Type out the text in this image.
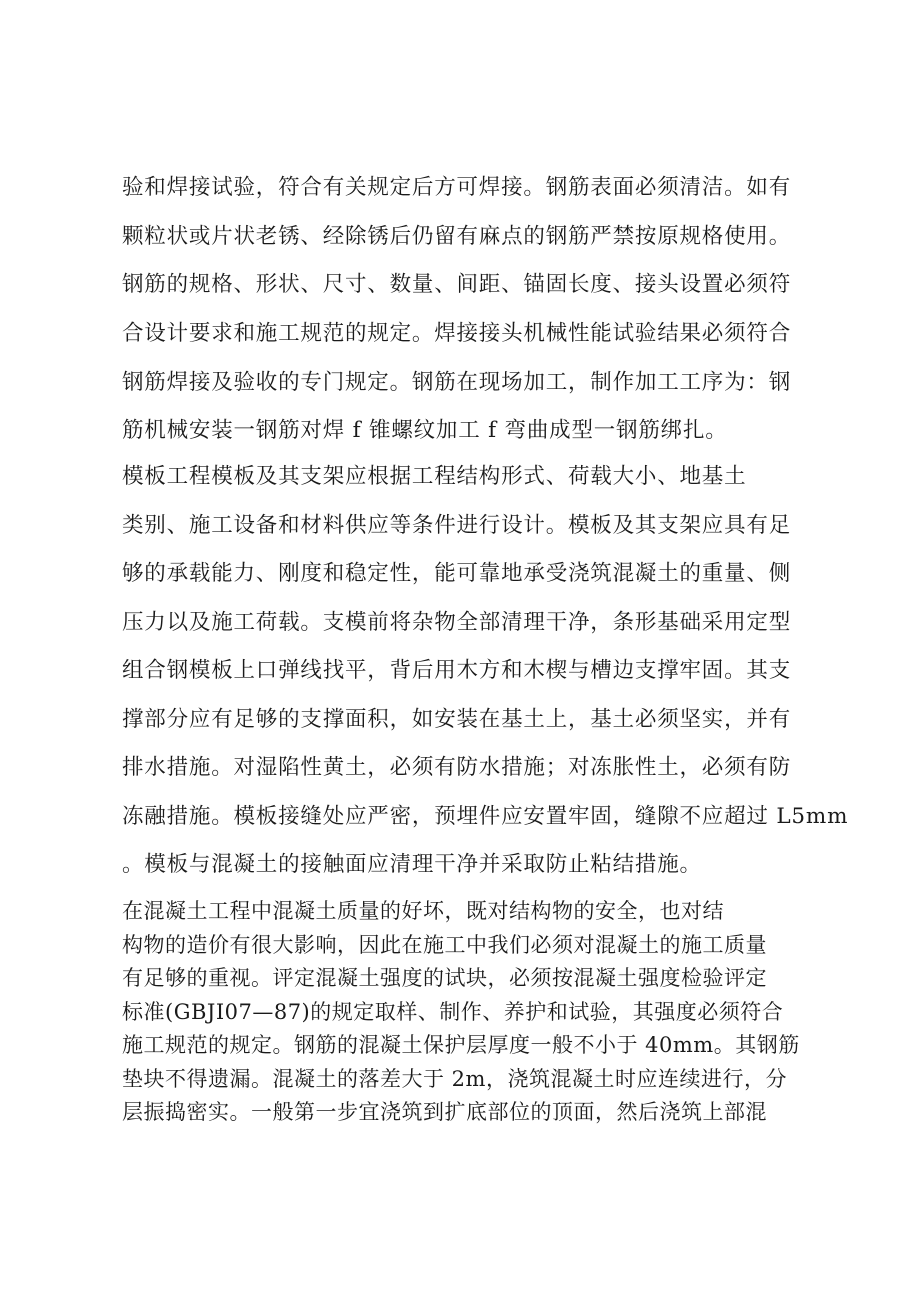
验和焊接试验，符合有关规定后方可焊接。钢筋表面必须清洁。如有
颗粒状或片状老锈、经除锈后仍留有麻点的钢筋严禁按原规格使用。
钢筋的规格、形状、尺寸、数量、间距、锚固长度、接头设置必须符
合设计要求和施工规范的规定。焊接接头机械性能试验结果必须符合
钢筋焊接及验收的专门规定。钢筋在现场加工，制作加工工序为：钢
筋机械安装一钢筋对焊 f 锥螺纹加工 f 弯曲成型一钢筋绑扎。
模板工程模板及其支架应根据工程结构形式、荷载大小、地基土
类别、施工设备和材料供应等条件进行设计。模板及其支架应具有足
够的承载能力、刚度和稳定性，能可靠地承受浇筑混凝土的重量、侧
压力以及施工荷载。支模前将杂物全部清理干净，条形基础采用定型
组合钢模板上口弹线找平，背后用木方和木楔与槽边支撑牢固。其支
撑部分应有足够的支撑面积，如安装在基土上，基土必须坚实，并有
排水措施。对湿陷性黄土，必须有防水措施；对冻胀性土，必须有防
冻融措施。模板接缝处应严密，预埋件应安置牢固，缝隙不应超过 L5mm
。模板与混凝土的接触面应清理干净并采取防止粘结措施。
在混凝土工程中混凝土质量的好坏，既对结构物的安全，也对结
构物的造价有很大影响，因此在施工中我们必须对混凝土的施工质量
有足够的重视。评定混凝土强度的试块，必须按混凝土强度检验评定
标准(GBJI07—87)的规定取样、制作、养护和试验，其强度必须符合
施工规范的规定。钢筋的混凝土保护层厚度一般不小于 40mm。其钢筋
垫块不得遗漏。混凝土的落差大于 2m，浇筑混凝土时应连续进行，分
层振捣密实。一般第一步宜浇筑到扩底部位的顶面，然后浇筑上部混
